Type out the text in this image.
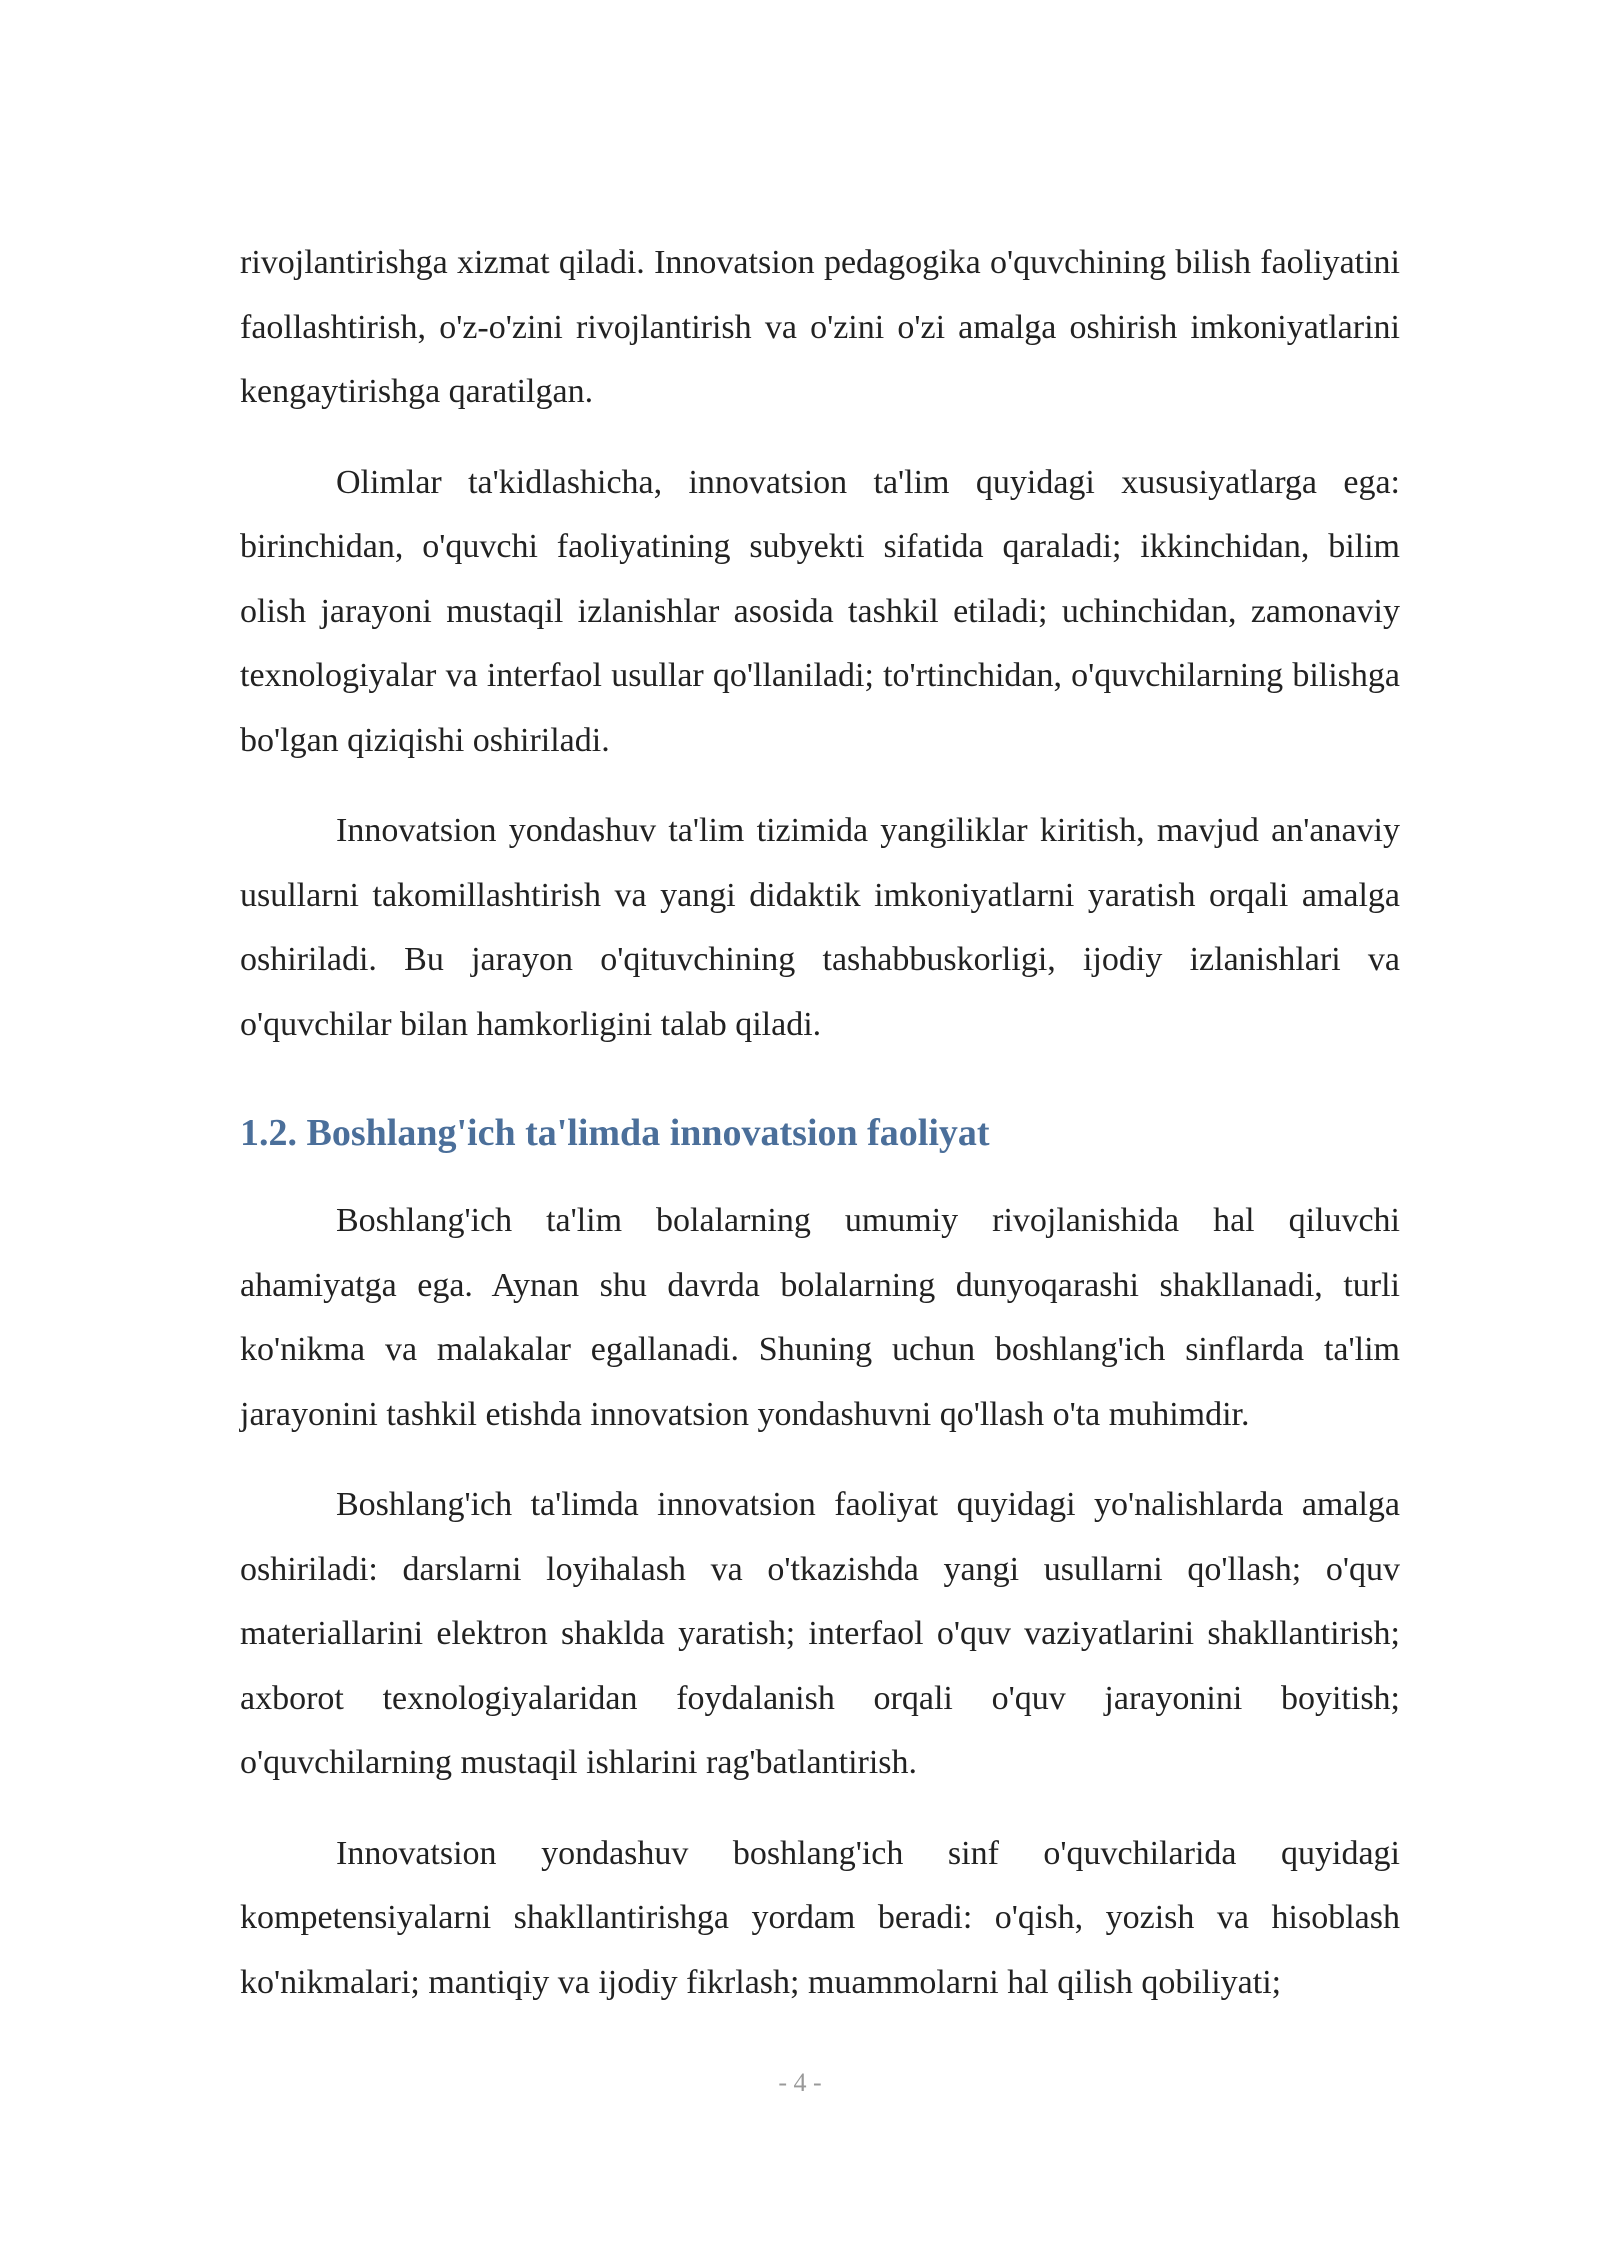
rivojlantirishga xizmat qiladi. Innovatsion pedagogika o'quvchining bilish faoliyatini faollashtirish, o'z-o'zini rivojlantirish va o'zini o'zi amalga oshirish imkoniyatlarini kengaytirishga qaratilgan.

Olimlar ta'kidlashicha, innovatsion ta'lim quyidagi xususiyatlarga ega: birinchidan, o'quvchi faoliyatining subyekti sifatida qaraladi; ikkinchidan, bilim olish jarayoni mustaqil izlanishlar asosida tashkil etiladi; uchinchidan, zamonaviy texnologiyalar va interfaol usullar qo'llaniladi; to'rtinchidan, o'quvchilarning bilishga bo'lgan qiziqishi oshiriladi.

Innovatsion yondashuv ta'lim tizimida yangiliklar kiritish, mavjud an'anaviy usullarni takomillashtirish va yangi didaktik imkoniyatlarni yaratish orqali amalga oshiriladi. Bu jarayon o'qituvchining tashabbuskorligi, ijodiy izlanishlari va o'quvchilar bilan hamkorligini talab qiladi.

1.2. Boshlang'ich ta'limda innovatsion faoliyat

Boshlang'ich ta'lim bolalarning umumiy rivojlanishida hal qiluvchi ahamiyatga ega. Aynan shu davrda bolalarning dunyoqarashi shakllanadi, turli ko'nikma va malakalar egallanadi. Shuning uchun boshlang'ich sinflarda ta'lim jarayonini tashkil etishda innovatsion yondashuvni qo'llash o'ta muhimdir.

Boshlang'ich ta'limda innovatsion faoliyat quyidagi yo'nalishlarda amalga oshiriladi: darslarni loyihalash va o'tkazishda yangi usullarni qo'llash; o'quv materiallarini elektron shaklda yaratish; interfaol o'quv vaziyatlarini shakllantirish; axborot texnologiyalaridan foydalanish orqali o'quv jarayonini boyitish; o'quvchilarning mustaqil ishlarini rag'batlantirish.

Innovatsion yondashuv boshlang'ich sinf o'quvchilarida quyidagi kompetensiyalarni shakllantirishga yordam beradi: o'qish, yozish va hisoblash ko'nikmalari; mantiqiy va ijodiy fikrlash; muammolarni hal qilish qobiliyati;

- 4 -
